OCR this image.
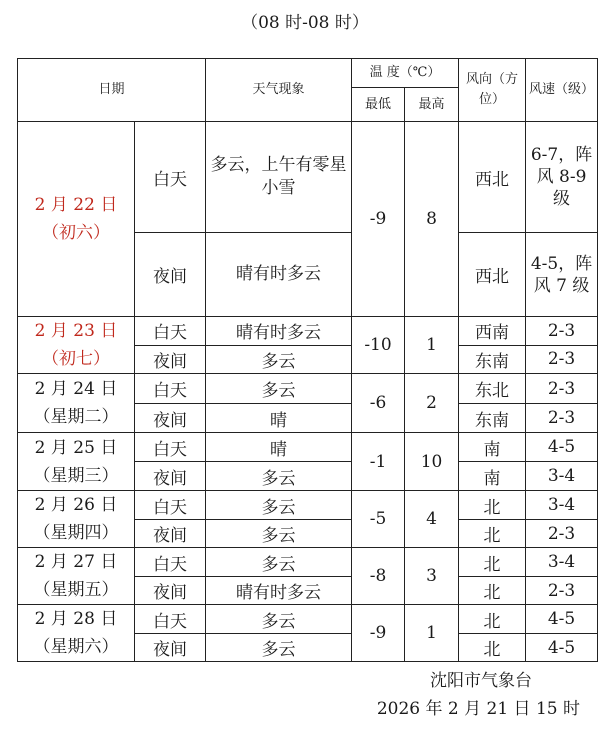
（08 时-08 时）
日期		天气现象	温 度（℃）		风向（方位）	风速（级）
			最低	最高		

2 月 22 日
（初六）	白天	多云，上午有零星小雪	-9	8	西北	6-7，阵风 8-9 级
	夜间	晴有时多云			西北	4-5，阵风 7 级

2 月 23 日
（初七）	白天	晴有时多云	-10	1	西南	2-3
	夜间	多云			东南	2-3

2 月 24 日
（星期二）	白天	多云	-6	2	东北	2-3
	夜间	晴			东南	2-3

2 月 25 日
（星期三）	白天	晴	-1	10	南	4-5
	夜间	多云			南	3-4

2 月 26 日
（星期四）	白天	多云	-5	4	北	3-4
	夜间	多云			北	2-3

2 月 27 日
（星期五）	白天	多云	-8	3	北	3-4
	夜间	晴有时多云			北	2-3

2 月 28 日
（星期六）	白天	多云	-9	1	北	4-5
	夜间	多云			北	4-5
沈阳市气象台
2026 年 2 月 21 日 15 时
